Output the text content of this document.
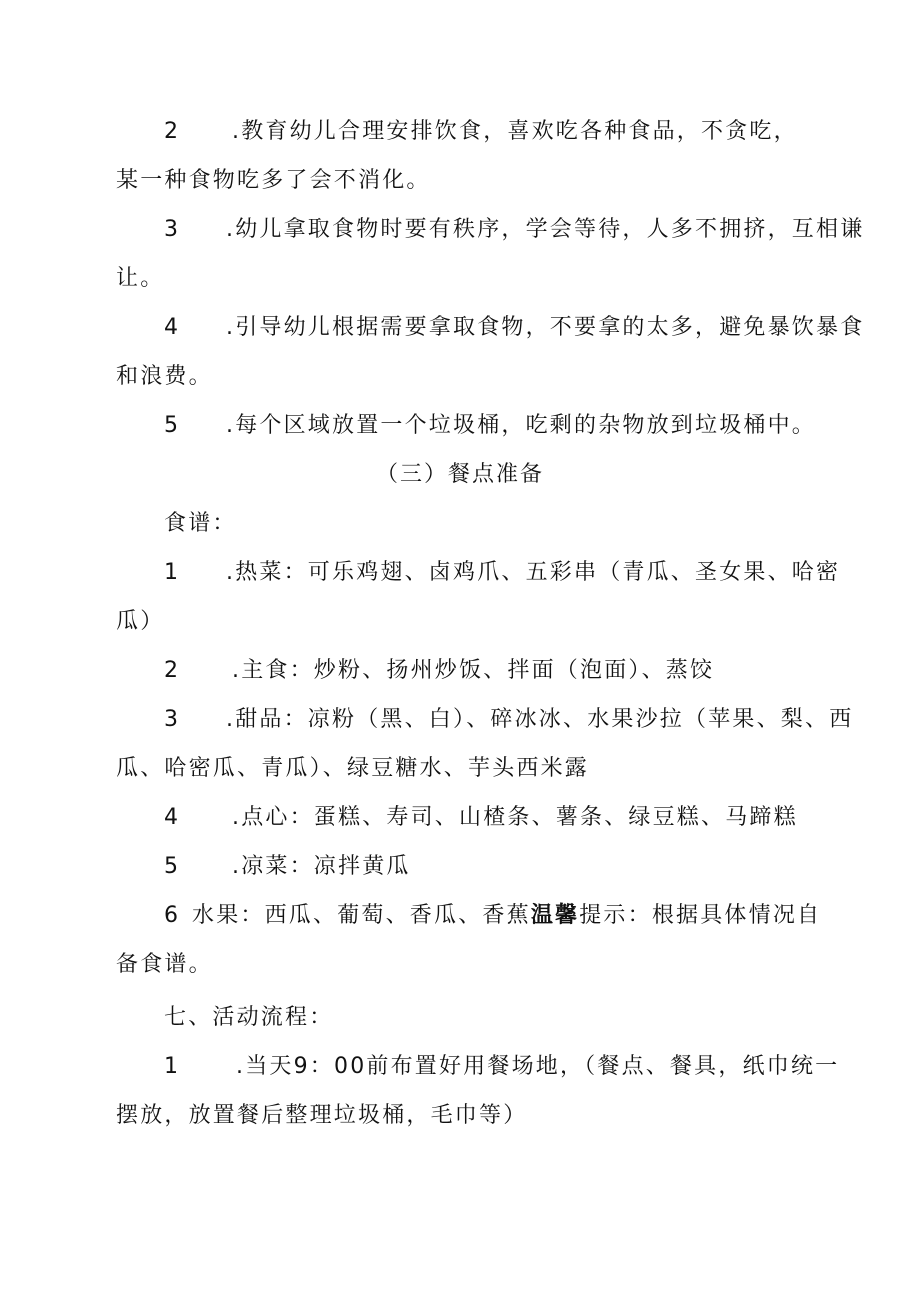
2 .教育幼儿合理安排饮食，喜欢吃各种食品，不贪吃，
某一种食物吃多了会不消化。
3 .幼儿拿取食物时要有秩序，学会等待，人多不拥挤，互相谦
让。
4 .引导幼儿根据需要拿取食物，不要拿的太多，避免暴饮暴食
和浪费。
5 .每个区域放置一个垃圾桶，吃剩的杂物放到垃圾桶中。
（三）餐点准备
食谱：
1 .热菜：可乐鸡翅、卤鸡爪、五彩串（青瓜、圣女果、哈密
瓜）
2 .主食：炒粉、扬州炒饭、拌面（泡面）、蒸饺
3 .甜品：凉粉（黑、白）、碎冰冰、水果沙拉（苹果、梨、西
瓜、哈密瓜、青瓜）、绿豆糖水、芋头西米露
4 .点心：蛋糕、寿司、山楂条、薯条、绿豆糕、马蹄糕
5 .凉菜：凉拌黄瓜
6 水果：西瓜、葡萄、香瓜、香蕉温馨提示：根据具体情况自
备食谱。
七、活动流程：
1	.当天9：00前布置好用餐场地，（餐点、餐具，纸巾统一
摆放，放置餐后整理垃圾桶，毛巾等）
